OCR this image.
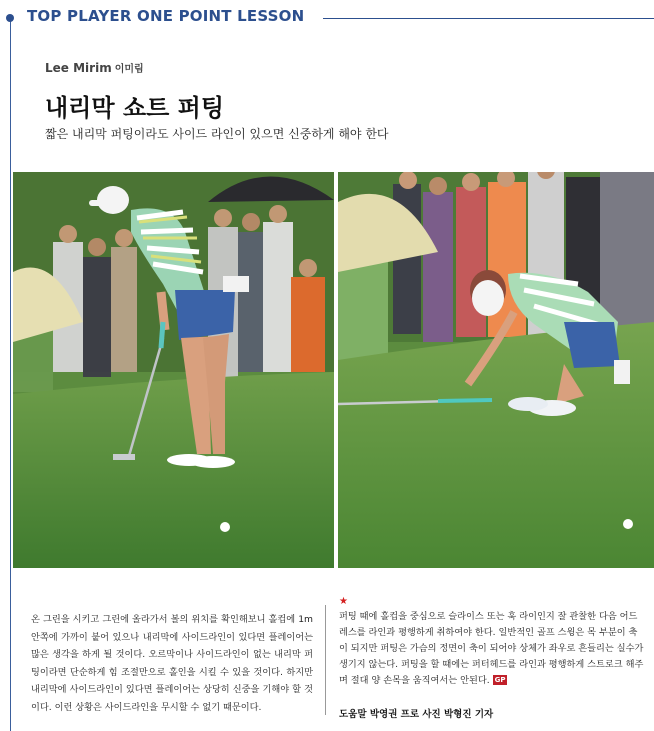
TOP PLAYER ONE POINT LESSON
Lee Mirim 이미림
내리막 쇼트 퍼팅
짧은 내리막 퍼팅이라도 사이드 라인이 있으면 신중하게 해야 한다
온 그린을 시키고 그린에 올라가서 볼의 위치를 확인해보니 홀컵에 1m 안쪽에 가까이 붙어 있으나 내리막에 사이드라인이 있다면 플레이어는 많은 생각을 하게 될 것이다. 오르막이나 사이드라인이 없는 내리막 퍼팅이라면 단순하게 힘 조절만으로 홀인을 시킬 수 있을 것이다. 하지만 내리막에 사이드라인이 있다면 플레이어는 상당히 신중을 기해야 할 것이다. 이런 상황은 사이드라인을 무시할 수 없기 때문이다.
★
퍼팅 때에 홀컵을 중심으로 슬라이스 또는 훅 라이인지 잘 관찰한 다음 어드레스를 라인과 평행하게 취하여야 한다. 일반적인 골프 스윙은 목 부분이 축이 되지만 퍼팅은 가슴의 정면이 축이 되어야 상체가 좌우로 흔들리는 실수가 생기지 않는다. 퍼팅을 할 때에는 퍼터헤드를 라인과 평행하게 스트로크 해주며 절대 양 손목을 움직여서는 안된다. GP
도움말 박영권 프로 사진 박형진 기자
